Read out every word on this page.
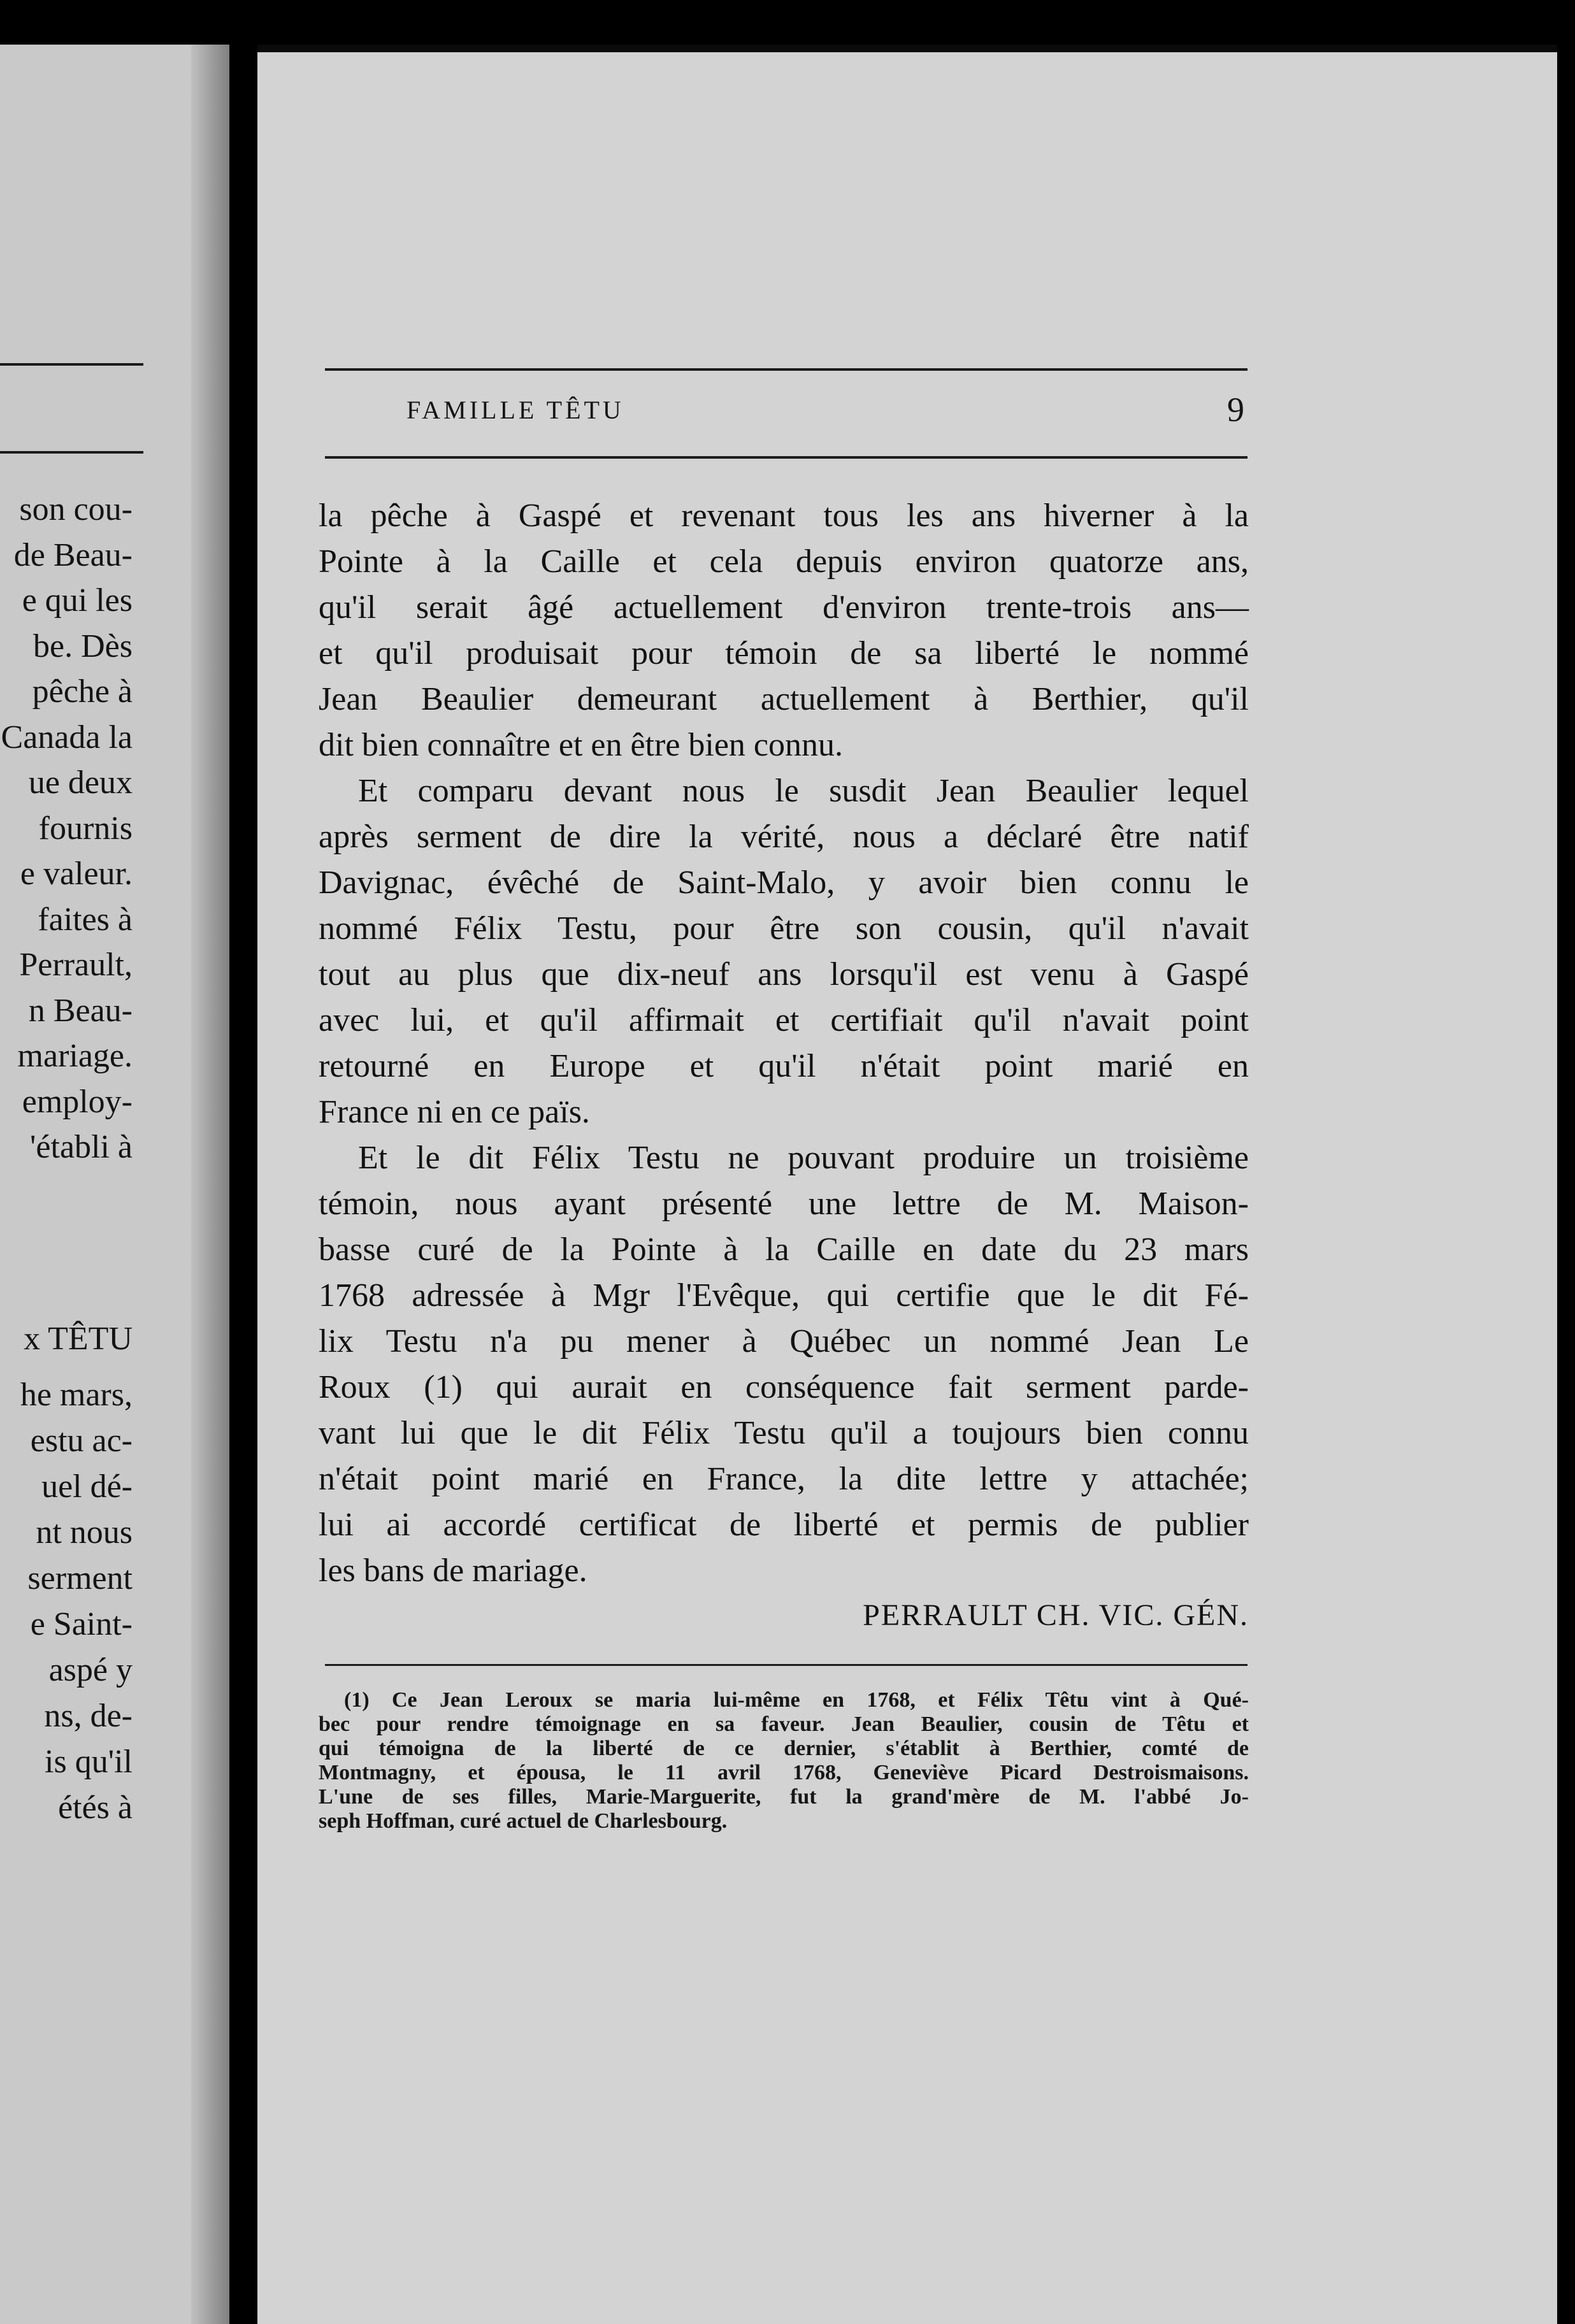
son cou-
de Beau-
e qui les
be. Dès
pêche à
Canada la
ue deux
fournis
e valeur.
faites à
Perrault,
n Beau-
mariage.
employ-
'établi à
x TÊTU
he mars,
estu ac-
uel dé-
nt nous
serment
e Saint-
aspé y
ns, de-
is qu'il
étés à
FAMILLE TÊTU	9
la pêche à Gaspé et revenant tous les ans hiverner à la
Pointe à la Caille et cela depuis environ quatorze ans,
qu'il serait âgé actuellement d'environ trente-trois ans—
et qu'il produisait pour témoin de sa liberté le nommé
Jean Beaulier demeurant actuellement à Berthier, qu'il
dit bien connaître et en être bien connu.
Et comparu devant nous le susdit Jean Beaulier lequel
après serment de dire la vérité, nous a déclaré être natif
Davignac, évêché de Saint-Malo, y avoir bien connu le
nommé Félix Testu, pour être son cousin, qu'il n'avait
tout au plus que dix-neuf ans lorsqu'il est venu à Gaspé
avec lui, et qu'il affirmait et certifiait qu'il n'avait point
retourné en Europe et qu'il n'était point marié en
France ni en ce païs.
Et le dit Félix Testu ne pouvant produire un troisième
témoin, nous ayant présenté une lettre de M. Maison-
basse curé de la Pointe à la Caille en date du 23 mars
1768 adressée à Mgr l'Evêque, qui certifie que le dit Fé-
lix Testu n'a pu mener à Québec un nommé Jean Le
Roux (1) qui aurait en conséquence fait serment parde-
vant lui que le dit Félix Testu qu'il a toujours bien connu
n'était point marié en France, la dite lettre y attachée;
lui ai accordé certificat de liberté et permis de publier
les bans de mariage.
PERRAULT CH. VIC. GÉN.
(1) Ce Jean Leroux se maria lui-même en 1768, et Félix Têtu vint à Qué-
bec pour rendre témoignage en sa faveur. Jean Beaulier, cousin de Têtu et
qui témoigna de la liberté de ce dernier, s'établit à Berthier, comté de
Montmagny, et épousa, le 11 avril 1768, Geneviève Picard Destroismaisons.
L'une de ses filles, Marie-Marguerite, fut la grand'mère de M. l'abbé Jo-
seph Hoffman, curé actuel de Charlesbourg.
